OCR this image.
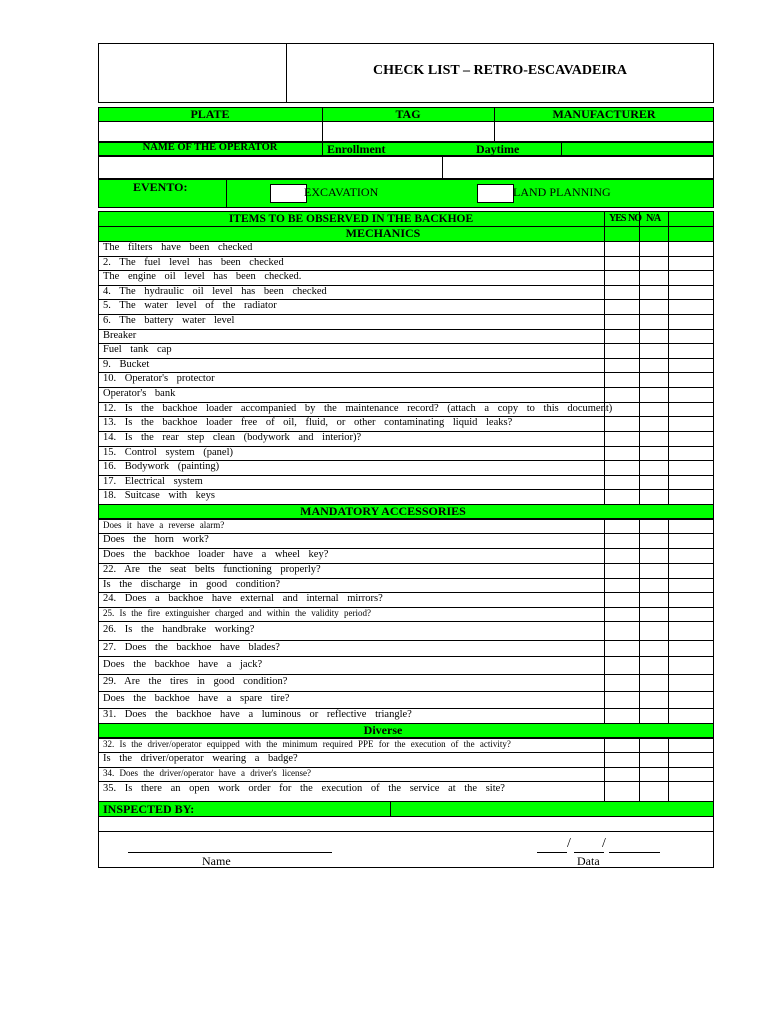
CHECK LIST – RETRO-ESCAVADEIRA
PLATE	TAG	MANUFACTURER
NAME OF THE OPERATOR	Enrollment	Daytime
EVENTO:	EXCAVATION	LAND PLANNING
ITEMS TO BE OBSERVED IN THE BACKHOE	YES NO N/A
MECHANICS
The filters have been checked
2. The fuel level has been checked
The engine oil level has been checked.
4. The hydraulic oil level has been checked
5. The water level of the radiator
6. The battery water level
Breaker
Fuel tank cap
9. Bucket
10. Operator's protector
Operator's bank
12. Is the backhoe loader accompanied by the maintenance record? (attach a copy to this document)
13. Is the backhoe loader free of oil, fluid, or other contaminating liquid leaks?
14. Is the rear step clean (bodywork and interior)?
15. Control system (panel)
16. Bodywork (painting)
17. Electrical system
18. Suitcase with keys
MANDATORY ACCESSORIES
Does it have a reverse alarm?
Does the horn work?
Does the backhoe loader have a wheel key?
22. Are the seat belts functioning properly?
Is the discharge in good condition?
24. Does a backhoe have external and internal mirrors?
25. Is the fire extinguisher charged and within the validity period?
26. Is the handbrake working?
27. Does the backhoe have blades?
Does the backhoe have a jack?
29. Are the tires in good condition?
Does the backhoe have a spare tire?
31. Does the backhoe have a luminous or reflective triangle?
Diverse
32. Is the driver/operator equipped with the minimum required PPE for the execution of the activity?
Is the driver/operator wearing a badge?
34. Does the driver/operator have a driver's license?
35. Is there an open work order for the execution of the service at the site?
INSPECTED BY:
Name
/ /
Data
